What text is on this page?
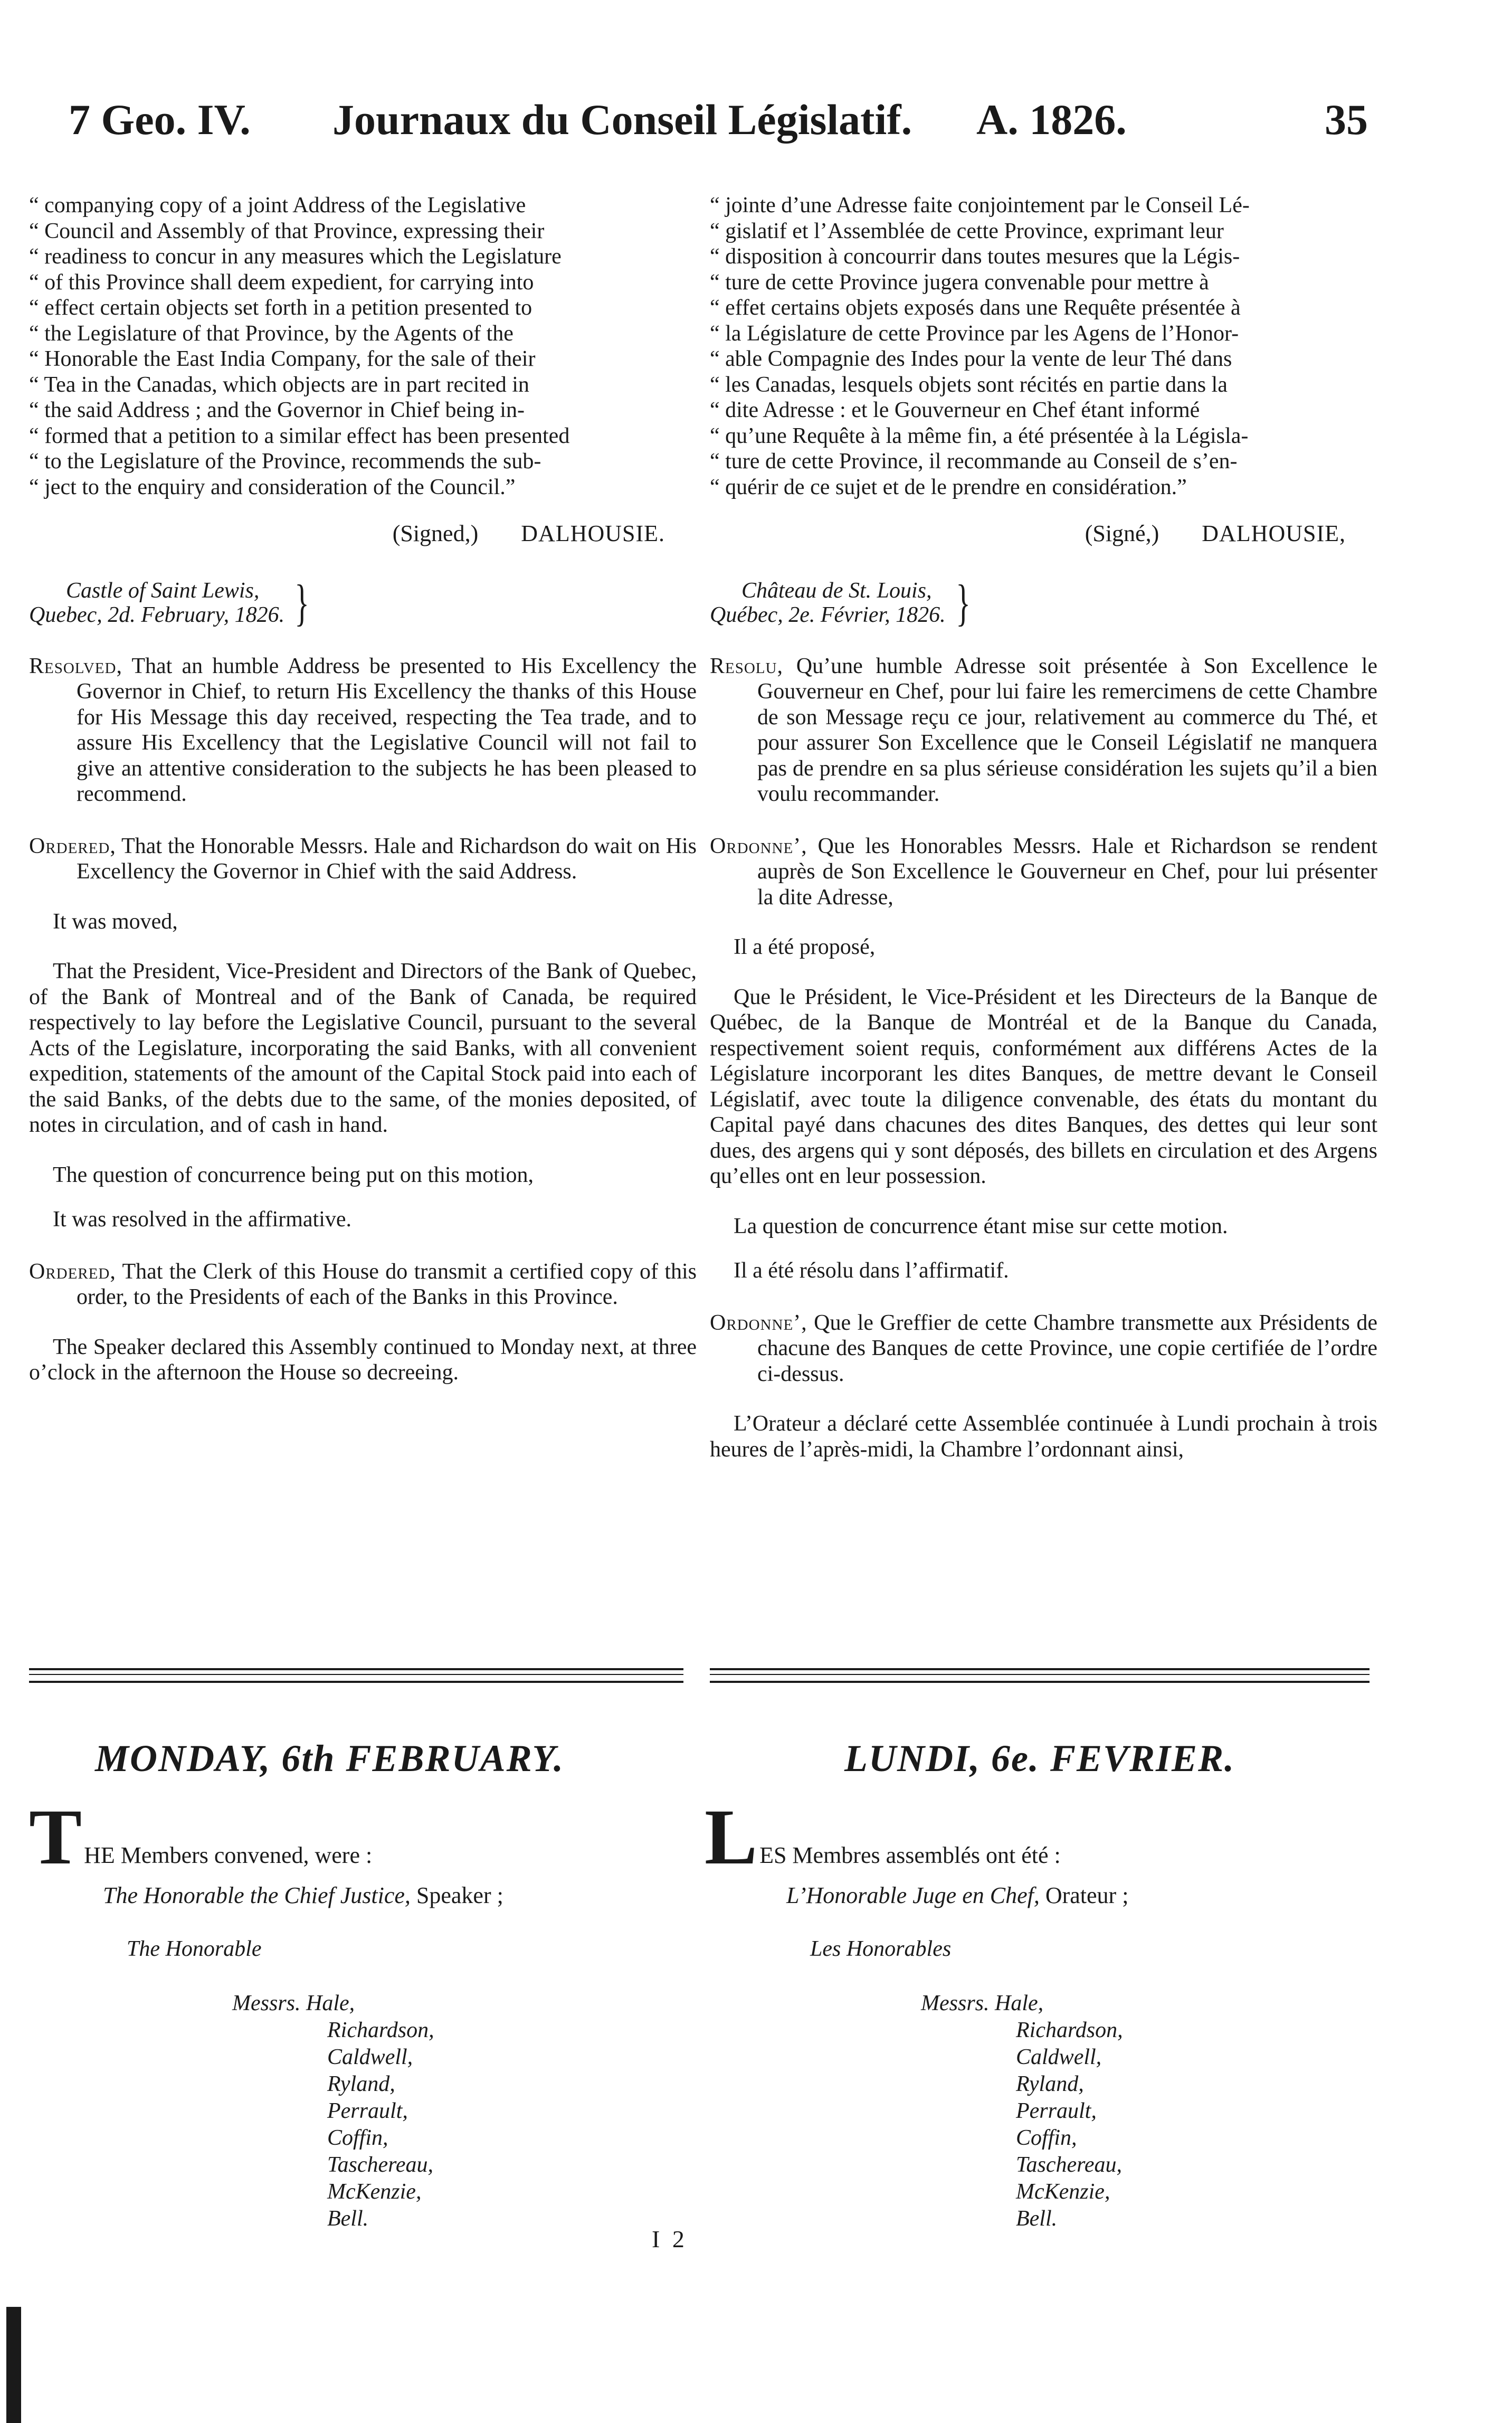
7 Geo. IV. Journaux du Conseil Législatif. A. 1826.	35
“ companying copy of a joint Address of the Legislative
“ Council and Assembly of that Province, expressing their
“ readiness to concur in any measures which the Legislature
“ of this Province shall deem expedient, for carrying into
“ effect certain objects set forth in a petition presented to
“ the Legislature of that Province, by the Agents of the
“ Honorable the East India Company, for the sale of their
“ Tea in the Canadas, which objects are in part recited in
“ the said Address ; and the Governor in Chief being in-
“ formed that a petition to a similar effect has been presented
“ to the Legislature of the Province, recommends the sub-
“ ject to the enquiry and consideration of the Council.”
(Signed,) DALHOUSIE.
Castle of Saint Lewis,
Quebec, 2d. February, 1826. }
Resolved, That an humble Address be presented to His Excellency the Governor in Chief, to return His Excellency the thanks of this House for His Message this day received, respecting the Tea trade, and to assure His Excellency that the Legislative Council will not fail to give an attentive consideration to the subjects he has been pleased to recommend.
Ordered, That the Honorable Messrs. Hale and Richardson do wait on His Excellency the Governor in Chief with the said Address.
It was moved,
That the President, Vice-President and Directors of the Bank of Quebec, of the Bank of Montreal and of the Bank of Canada, be required respectively to lay before the Legislative Council, pursuant to the several Acts of the Legislature, incorporating the said Banks, with all convenient expedition, statements of the amount of the Capital Stock paid into each of the said Banks, of the debts due to the same, of the monies deposited, of notes in circulation, and of cash in hand.
The question of concurrence being put on this motion,
It was resolved in the affirmative.
Ordered, That the Clerk of this House do transmit a certified copy of this order, to the Presidents of each of the Banks in this Province.
The Speaker declared this Assembly continued to Monday next, at three o’clock in the afternoon the House so decreeing.
“ jointe d’une Adresse faite conjointement par le Conseil Lé-
“ gislatif et l’Assemblée de cette Province, exprimant leur
“ disposition à concourrir dans toutes mesures que la Légis-
“ ture de cette Province jugera convenable pour mettre à
“ effet certains objets exposés dans une Requête présentée à
“ la Législature de cette Province par les Agens de l’Honor-
“ able Compagnie des Indes pour la vente de leur Thé dans
“ les Canadas, lesquels objets sont récités en partie dans la
“ dite Adresse : et le Gouverneur en Chef étant informé
“ qu’une Requête à la même fin, a été présentée à la Législa-
“ ture de cette Province, il recommande au Conseil de s’en-
“ quérir de ce sujet et de le prendre en considération.”
(Signé,) DALHOUSIE,
Château de St. Louis,
Québec, 2e. Février, 1826. }
Resolu, Qu’une humble Adresse soit présentée à Son Excellence le Gouverneur en Chef, pour lui faire les remercimens de cette Chambre de son Message reçu ce jour, relativement au commerce du Thé, et pour assurer Son Excellence que le Conseil Législatif ne manquera pas de prendre en sa plus sérieuse considération les sujets qu’il a bien voulu recommander.
Ordonne’, Que les Honorables Messrs. Hale et Richardson se rendent auprès de Son Excellence le Gouverneur en Chef, pour lui présenter la dite Adresse,
Il a été proposé,
Que le Président, le Vice-Président et les Directeurs de la Banque de Québec, de la Banque de Montréal et de la Banque du Canada, respectivement soient requis, conformément aux différens Actes de la Législature incorporant les dites Banques, de mettre devant le Conseil Législatif, avec toute la diligence convenable, des états du montant du Capital payé dans chacunes des dites Banques, des dettes qui leur sont dues, des argens qui y sont déposés, des billets en circulation et des Argens qu’elles ont en leur possession.
La question de concurrence étant mise sur cette motion.
Il a été résolu dans l’affirmatif.
Ordonne’, Que le Greffier de cette Chambre transmette aux Présidents de chacune des Banques de cette Province, une copie certifiée de l’ordre ci-dessus.
L’Orateur a déclaré cette Assemblée continuée à Lundi prochain à trois heures de l’après-midi, la Chambre l’ordonnant ainsi,
MONDAY, 6th FEBRUARY.	LUNDI, 6e. FEVRIER.
T HE Members convened, were :	L ES Membres assemblés ont été :
The Honorable the Chief Justice, Speaker ;	L’Honorable Juge en Chef, Orateur ;
The Honorable	Les Honorables
Messrs. Hale,
Richardson,
Caldwell,
Ryland,
Perrault,
Coffin,
Taschereau,
McKenzie,
Bell.
Messrs. Hale,
Richardson,
Caldwell,
Ryland,
Perrault,
Coffin,
Taschereau,
McKenzie,
Bell.
I 2
